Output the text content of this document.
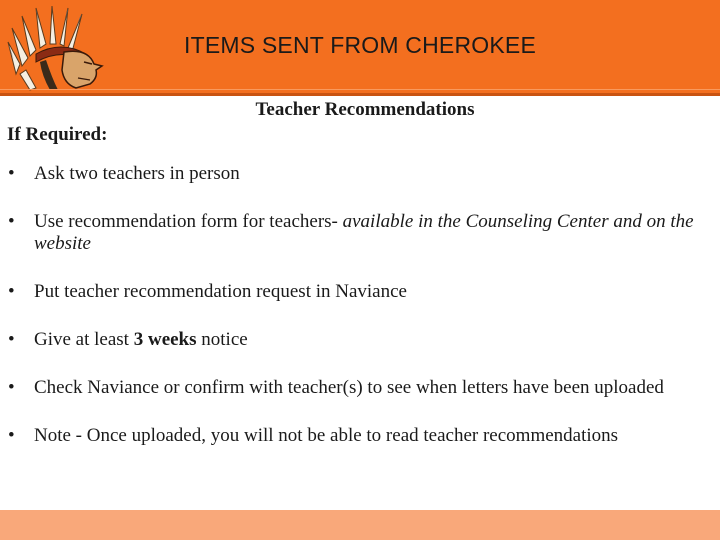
ITEMS SENT FROM CHEROKEE
Teacher Recommendations
If Required:
• Ask two teachers in person
• Use recommendation form for teachers- available in the Counseling Center and on the website
• Put teacher recommendation request in Naviance
• Give at least 3 weeks notice
• Check Naviance or confirm with teacher(s) to see when letters have been uploaded
• Note - Once uploaded, you will not be able to read teacher recommendations
